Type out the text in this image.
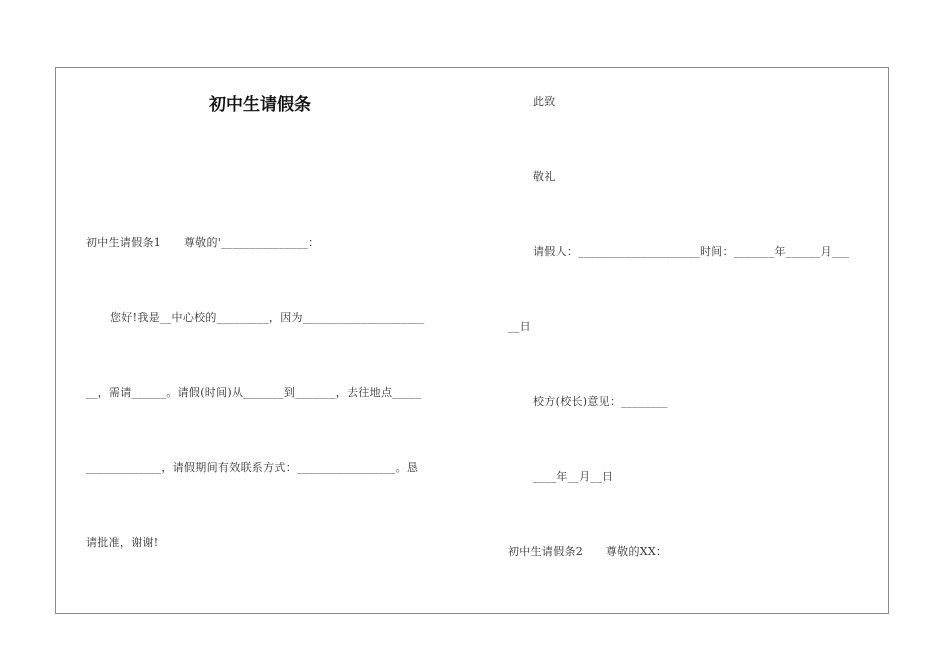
初中生请假条
初中生请假条1      尊敬的'_______________：
您好!我是__中心校的_________，因为_____________________
__，需请______。请假(时间)从_______到_______，去往地点_____
_____________，请假期间有效联系方式：_________________。恳
请批准，谢谢!
此致
敬礼
请假人：_____________________时间：_______年______月___
__日
校方(校长)意见：________
____年__月__日
初中生请假条2      尊敬的XX：
